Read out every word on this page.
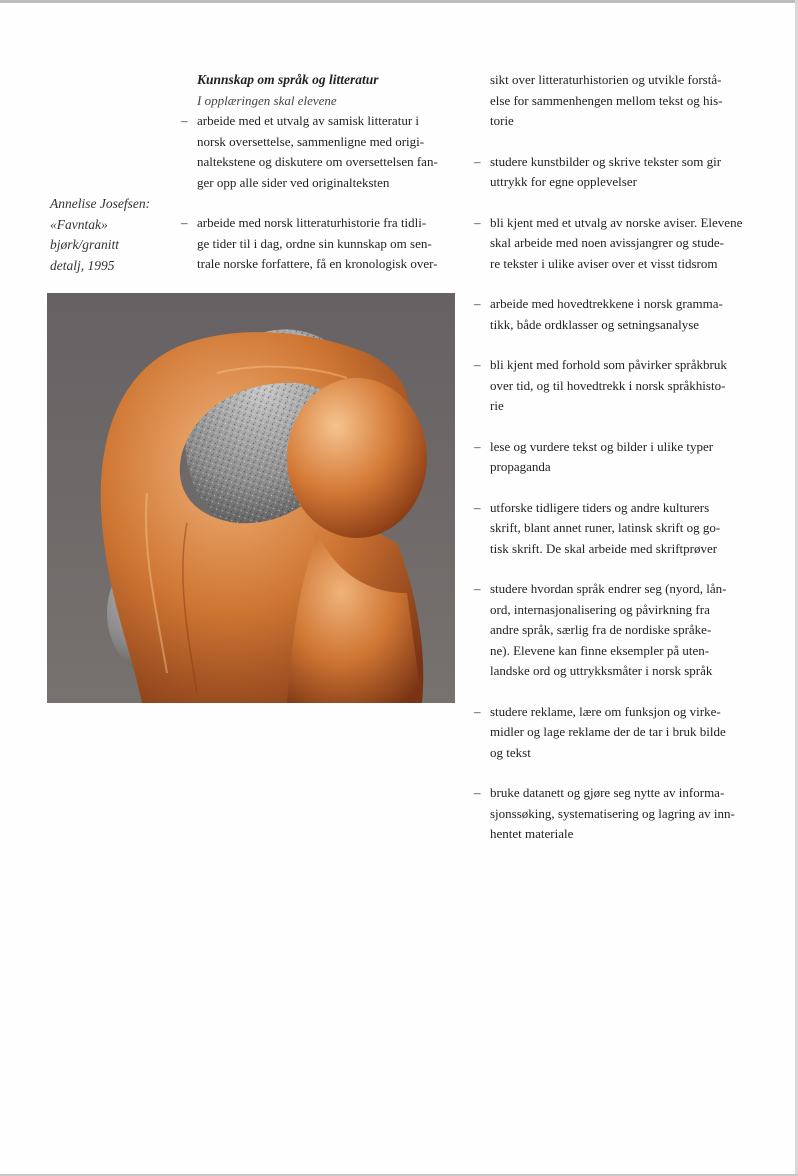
Annelise Josefsen:
«Favntak»
bjørk/granitt
detalj, 1995
Kunnskap om språk og litteratur
I opplæringen skal elevene
– arbeide med et utvalg av samisk litteratur i
norsk oversettelse, sammenligne med origi-
naltekstene og diskutere om oversettelsen fan-
ger opp alle sider ved originalteksten
– arbeide med norsk litteraturhistorie fra tidli-
ge tider til i dag, ordne sin kunnskap om sen-
trale norske forfattere, få en kronologisk over-
sikt over litteraturhistorien og utvikle forstå-
else for sammenhengen mellom tekst og his-
torie
– studere kunstbilder og skrive tekster som gir
uttrykk for egne opplevelser
– bli kjent med et utvalg av norske aviser. Elevene
skal arbeide med noen avissjangrer og stude-
re tekster i ulike aviser over et visst tidsrom
– arbeide med hovedtrekkene i norsk gramma-
tikk, både ordklasser og setningsanalyse
– bli kjent med forhold som påvirker språkbruk
over tid, og til hovedtrekk i norsk språkhisto-
rie
– lese og vurdere tekst og bilder i ulike typer
propaganda
– utforske tidligere tiders og andre kulturers
skrift, blant annet runer, latinsk skrift og go-
tisk skrift. De skal arbeide med skriftprøver
– studere hvordan språk endrer seg (nyord, lån-
ord, internasjonalisering og påvirkning fra
andre språk, særlig fra de nordiske språke-
ne). Elevene kan finne eksempler på uten-
landske ord og uttrykksmåter i norsk språk
– studere reklame, lære om funksjon og virke-
midler og lage reklame der de tar i bruk bilde
og tekst
– bruke datanett og gjøre seg nytte av informa-
sjonssøking, systematisering og lagring av inn-
hentet materiale
